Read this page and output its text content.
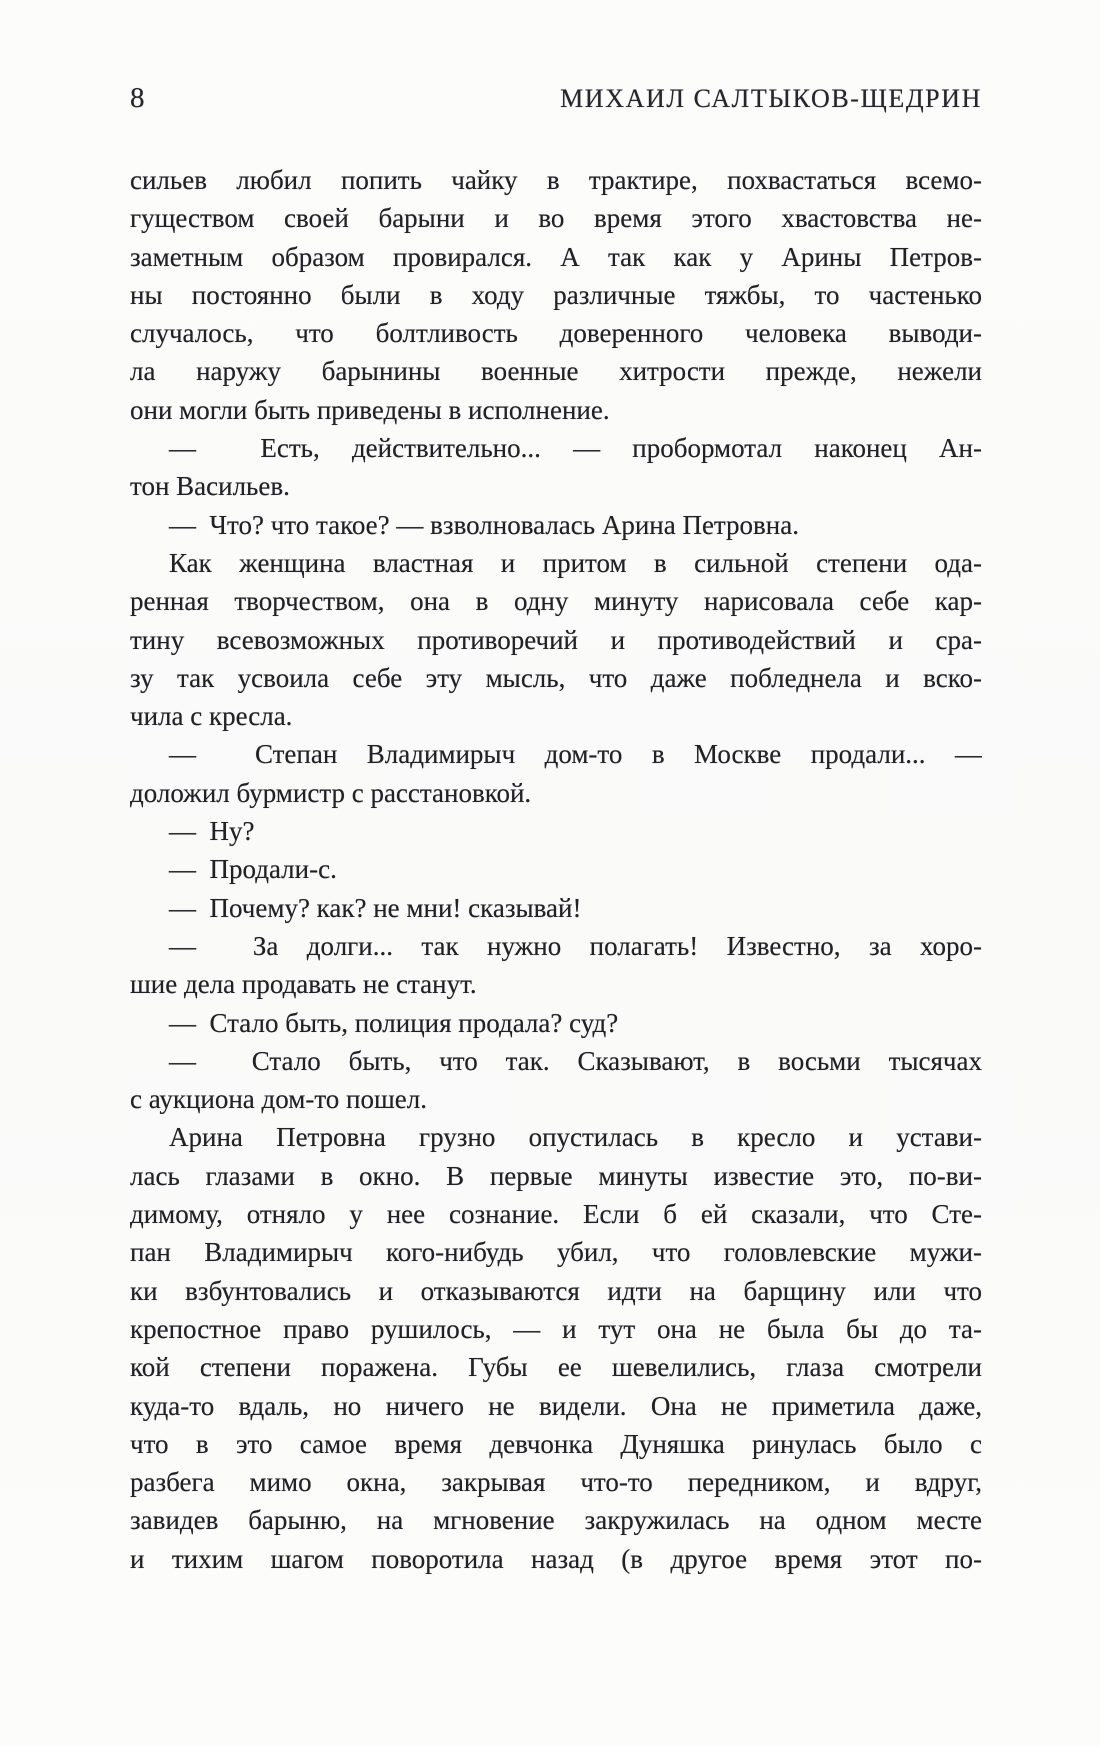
8	МИХАИЛ САЛТЫКОВ-ЩЕДРИН
сильев любил попить чайку в трактире, похвастаться всемо-
гуществом своей барыни и во время этого хвастовства не-
заметным образом провирался. А так как у Арины Петров-
ны постоянно были в ходу различные тяжбы, то частенько
случалось, что болтливость доверенного человека выводи-
ла наружу барынины военные хитрости прежде, нежели
они могли быть приведены в исполнение.
—  Есть, действительно... — пробормотал наконец Ан-
тон Васильев.
—  Что? что такое? — взволновалась Арина Петровна.
Как женщина властная и притом в сильной степени ода-
ренная творчеством, она в одну минуту нарисовала себе кар-
тину всевозможных противоречий и противодействий и сра-
зу так усвоила себе эту мысль, что даже побледнела и вско-
чила с кресла.
—  Степан Владимирыч дом-то в Москве продали... —
доложил бурмистр с расстановкой.
—  Ну?
—  Продали-с.
—  Почему? как? не мни! сказывай!
—  За долги... так нужно полагать! Известно, за хоро-
шие дела продавать не станут.
—  Стало быть, полиция продала? суд?
—  Стало быть, что так. Сказывают, в восьми тысячах
с аукциона дом-то пошел.
Арина Петровна грузно опустилась в кресло и устави-
лась глазами в окно. В первые минуты известие это, по-ви-
димому, отняло у нее сознание. Если б ей сказали, что Сте-
пан Владимирыч кого-нибудь убил, что головлевские мужи-
ки взбунтовались и отказываются идти на барщину или что
крепостное право рушилось, — и тут она не была бы до та-
кой степени поражена. Губы ее шевелились, глаза смотрели
куда-то вдаль, но ничего не видели. Она не приметила даже,
что в это самое время девчонка Дуняшка ринулась было с
разбега мимо окна, закрывая что-то передником, и вдруг,
завидев барыню, на мгновение закружилась на одном месте
и тихим шагом поворотила назад (в другое время этот по-
